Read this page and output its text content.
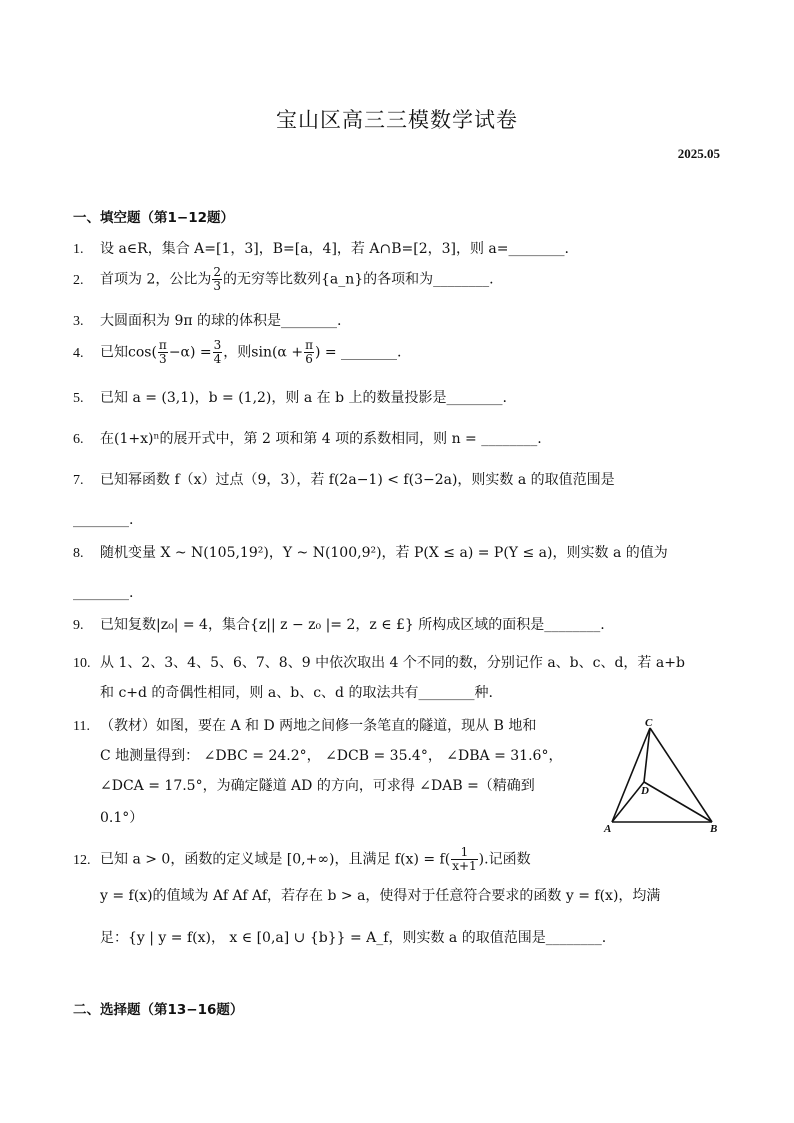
宝山区高三三模数学试卷
2025.05
一、填空题（第1−12题）
1. 设 a∈R，集合 A=[1，3]，B=[a，4]，若 A∩B=[2，3]，则 a=________.
2. 首项为 2，公比为 $\frac{2}{3}$ 的无穷等比数列{a_n}的各项和为________.
3. 大圆面积为 9π 的球的体积是________.
4. 已知$\cos( \frac{\pi}{3} -\alpha) = \frac{3}{4}$ ，则$\sin(\alpha + \frac{\pi}{6}$ ) = ________.
5. 已知 a = (3,1)，b = (1,2)，则 a 在 b 上的数量投影是________.
6. 在(1+x)ⁿ的展开式中，第 2 项和第 4 项的系数相同，则 n = ________.
7. 已知幂函数 f（x）过点（9，3），若 f(2a−1) < f(3−2a)，则实数 a 的取值范围是
________.
8. 随机变量 X ~ N(105,19²)，Y ~ N(100,9²)，若 P(X ≤ a) = P(Y ≤ a)，则实数 a 的值为
________.
9. 已知复数|z₀| = 4，集合{z|| z − z₀ |= 2，z ∈ £} 所构成区域的面积是________.
10. 从 1、2、3、4、5、6、7、8、9 中依次取出 4 个不同的数，分别记作 a、b、c、d，若 a+b
和 c+d 的奇偶性相同，则 a、b、c、d 的取法共有________种.
11. （教材）如图，要在 A 和 D 两地之间修一条笔直的隧道，现从 B 地和
C 地测量得到： ∠DBC = 24.2°， ∠DCB = 35.4°， ∠DBA = 31.6°，
∠DCA = 17.5°，为确定隧道 AD 的方向，可求得 ∠DAB =（精确到
0.1°）
C
D
A	B
12. 已知 a > 0，函数的定义域是 [0,+∞)，且满足 $f(x) = f( \frac{1}{x+1}$ ).记函数
y = f(x)的值域为 Af Af Af，若存在 b > a，使得对于任意符合要求的函数 y = f(x)，均满
足：{y | y = f(x)， x ∈ [0,a] ∪ {b}} = A_f，则实数 a 的取值范围是________.
二、选择题（第13−16题）
